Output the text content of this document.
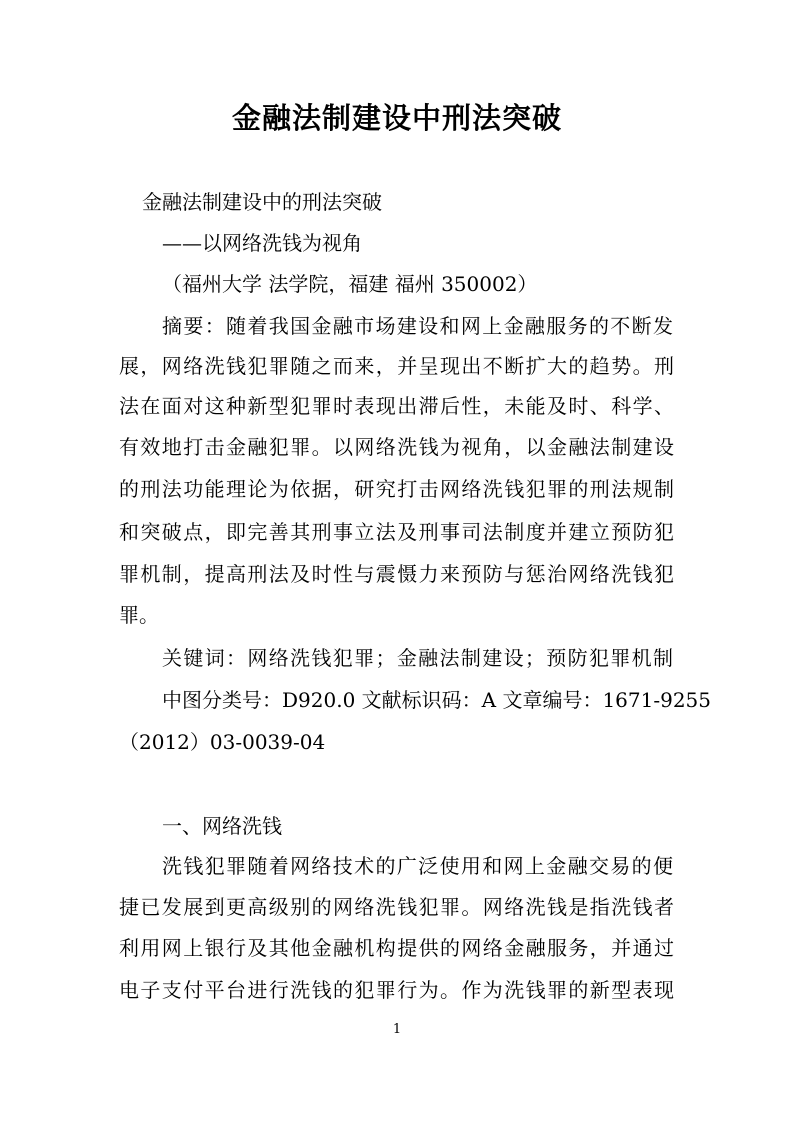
金融法制建设中刑法突破
金融法制建设中的刑法突破
——以网络洗钱为视角
（福州大学 法学院，福建 福州 350002）
摘要：随着我国金融市场建设和网上金融服务的不断发
展，网络洗钱犯罪随之而来，并呈现出不断扩大的趋势。刑
法在面对这种新型犯罪时表现出滞后性，未能及时、科学、
有效地打击金融犯罪。以网络洗钱为视角，以金融法制建设
的刑法功能理论为依据，研究打击网络洗钱犯罪的刑法规制
和突破点，即完善其刑事立法及刑事司法制度并建立预防犯
罪机制，提高刑法及时性与震慑力来预防与惩治网络洗钱犯
罪。
关键词：网络洗钱犯罪；金融法制建设；预防犯罪机制
中图分类号：D920.0 文献标识码：A 文章编号：1671-9255
（2012）03-0039-04
一、网络洗钱
洗钱犯罪随着网络技术的广泛使用和网上金融交易的便
捷已发展到更高级别的网络洗钱犯罪。网络洗钱是指洗钱者
利用网上银行及其他金融机构提供的网络金融服务，并通过
电子支付平台进行洗钱的犯罪行为。作为洗钱罪的新型表现
1
